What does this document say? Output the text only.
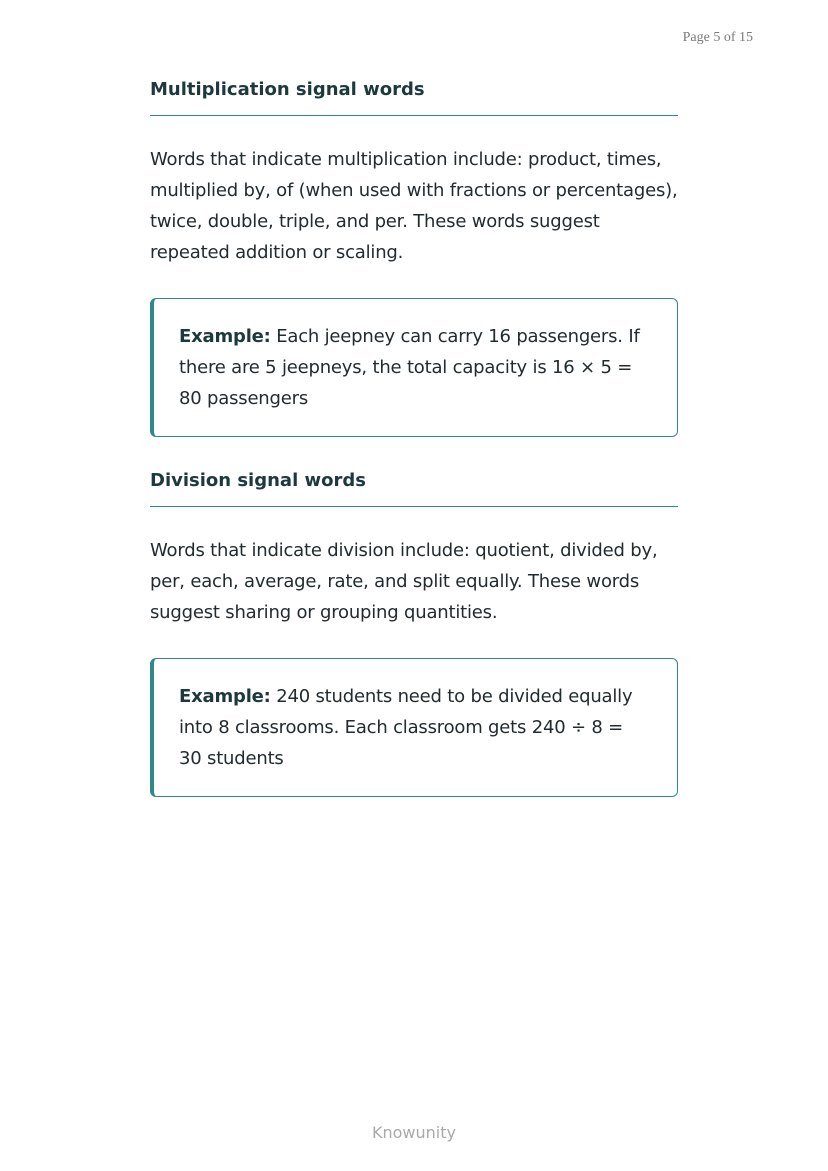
Page 5 of 15
Multiplication signal words

Words that indicate multiplication include: product, times, multiplied by, of (when used with fractions or percentages), twice, double, triple, and per. These words suggest repeated addition or scaling.

Example: Each jeepney can carry 16 passengers. If there are 5 jeepneys, the total capacity is 16 × 5 = 80 passengers
Division signal words

Words that indicate division include: quotient, divided by, per, each, average, rate, and split equally. These words suggest sharing or grouping quantities.

Example: 240 students need to be divided equally into 8 classrooms. Each classroom gets 240 ÷ 8 = 30 students
Knowunity
